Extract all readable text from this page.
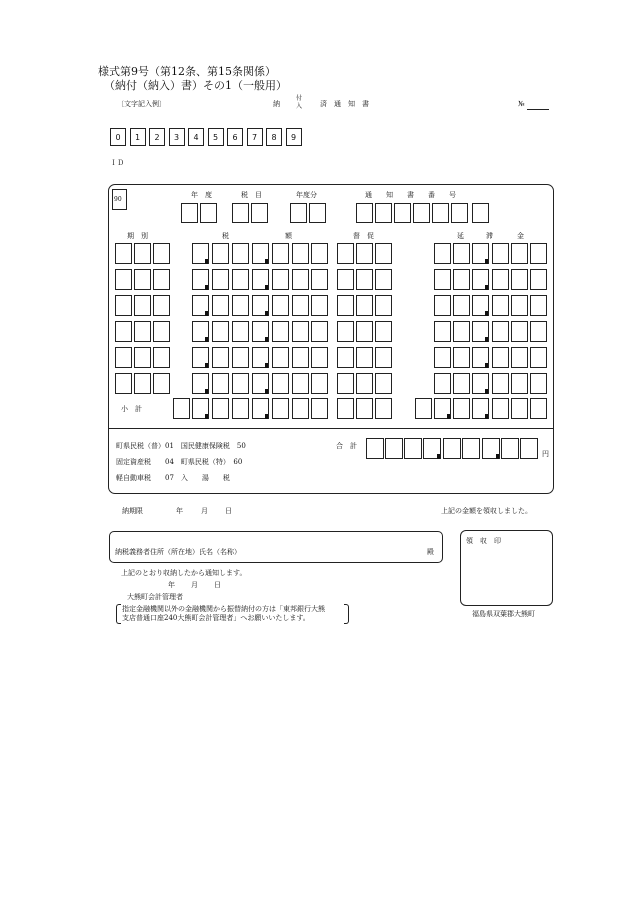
様式第9号（第12条、第15条関係）
（納付（納入）書）その1（一般用）
〔文字記入例〕	納
付
入	済　通　知　書	№
0	1	2	3	4	5	6	7	8	9
ＩＤ
90
年　度	税　目	年度分	通　　知　　書　　番　　号
期　別	税	額	督　促	延	滞	金
小　計
町県民税（普）01　国民健康保険税　50
固定資産税　　04　町県民税（特）　60
軽自動車税　　07　入　　湯　　税
合　計
円
納期限	年	月 日	上記の金額を領収しました。
納税義務者住所（所在地）氏名（名称）	殿
領　収　印
福島県双葉郡大熊町
上記のとおり収納したから通知します。
年 月 日
大熊町会計管理者
指定金融機関以外の金融機関から振替納付の方は「東邦銀行大熊
支店普通口座240大熊町会計管理者」へお願いいたします。
